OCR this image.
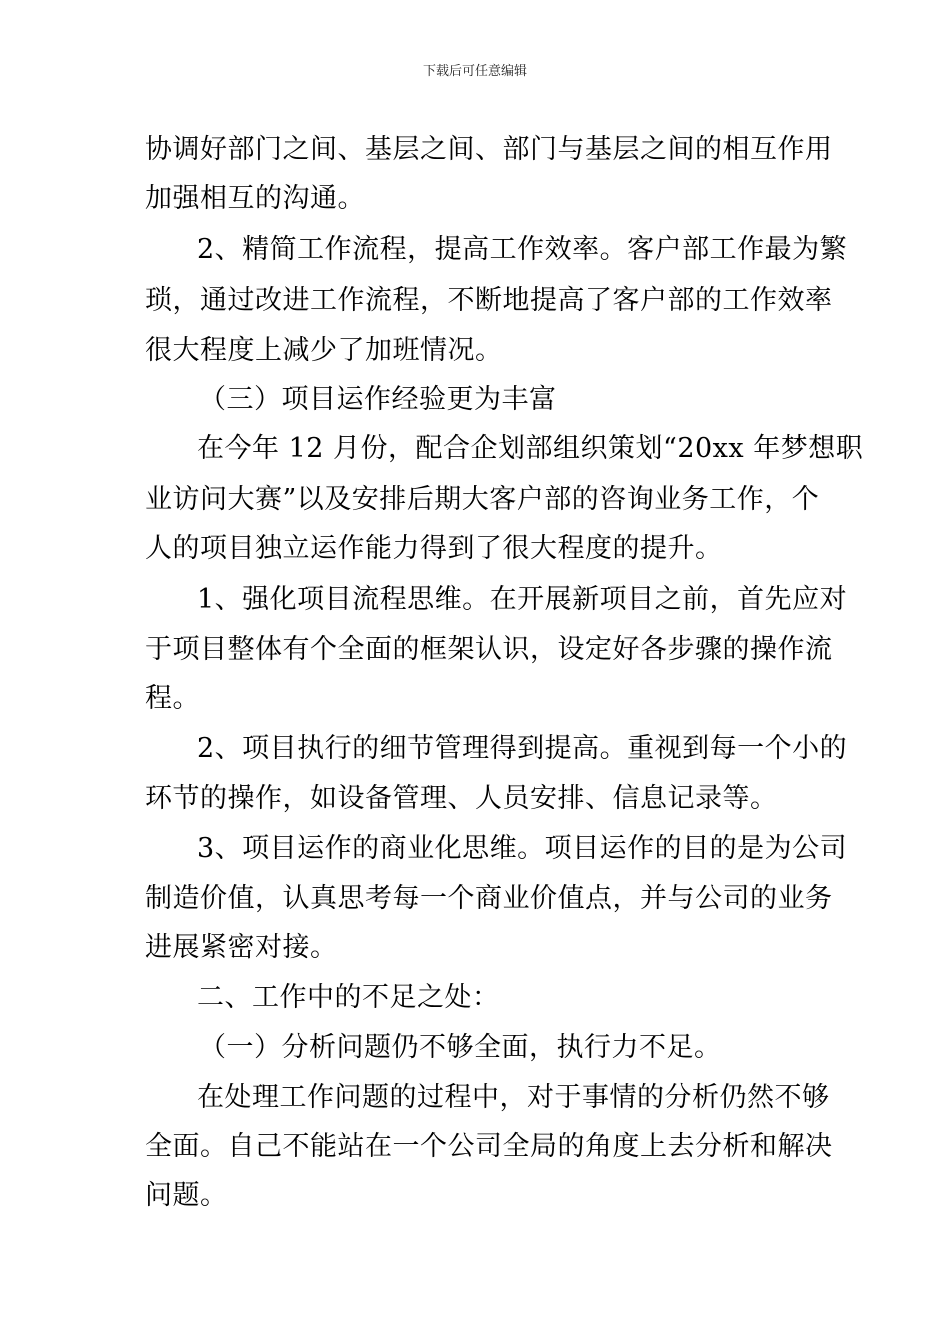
下载后可任意编辑
协调好部门之间、基层之间、部门与基层之间的相互作用
加强相互的沟通。
2、精简工作流程，提高工作效率。客户部工作最为繁
琐，通过改进工作流程，不断地提高了客户部的工作效率
很大程度上减少了加班情况。
（三）项目运作经验更为丰富
在今年 12 月份，配合企划部组织策划“20xx 年梦想职
业访问大赛”以及安排后期大客户部的咨询业务工作，个
人的项目独立运作能力得到了很大程度的提升。
1、强化项目流程思维。在开展新项目之前，首先应对
于项目整体有个全面的框架认识，设定好各步骤的操作流
程。
2、项目执行的细节管理得到提高。重视到每一个小的
环节的操作，如设备管理、人员安排、信息记录等。
3、项目运作的商业化思维。项目运作的目的是为公司
制造价值，认真思考每一个商业价值点，并与公司的业务
进展紧密对接。
二、工作中的不足之处：
（一）分析问题仍不够全面，执行力不足。
在处理工作问题的过程中，对于事情的分析仍然不够
全面。自己不能站在一个公司全局的角度上去分析和解决
问题。
